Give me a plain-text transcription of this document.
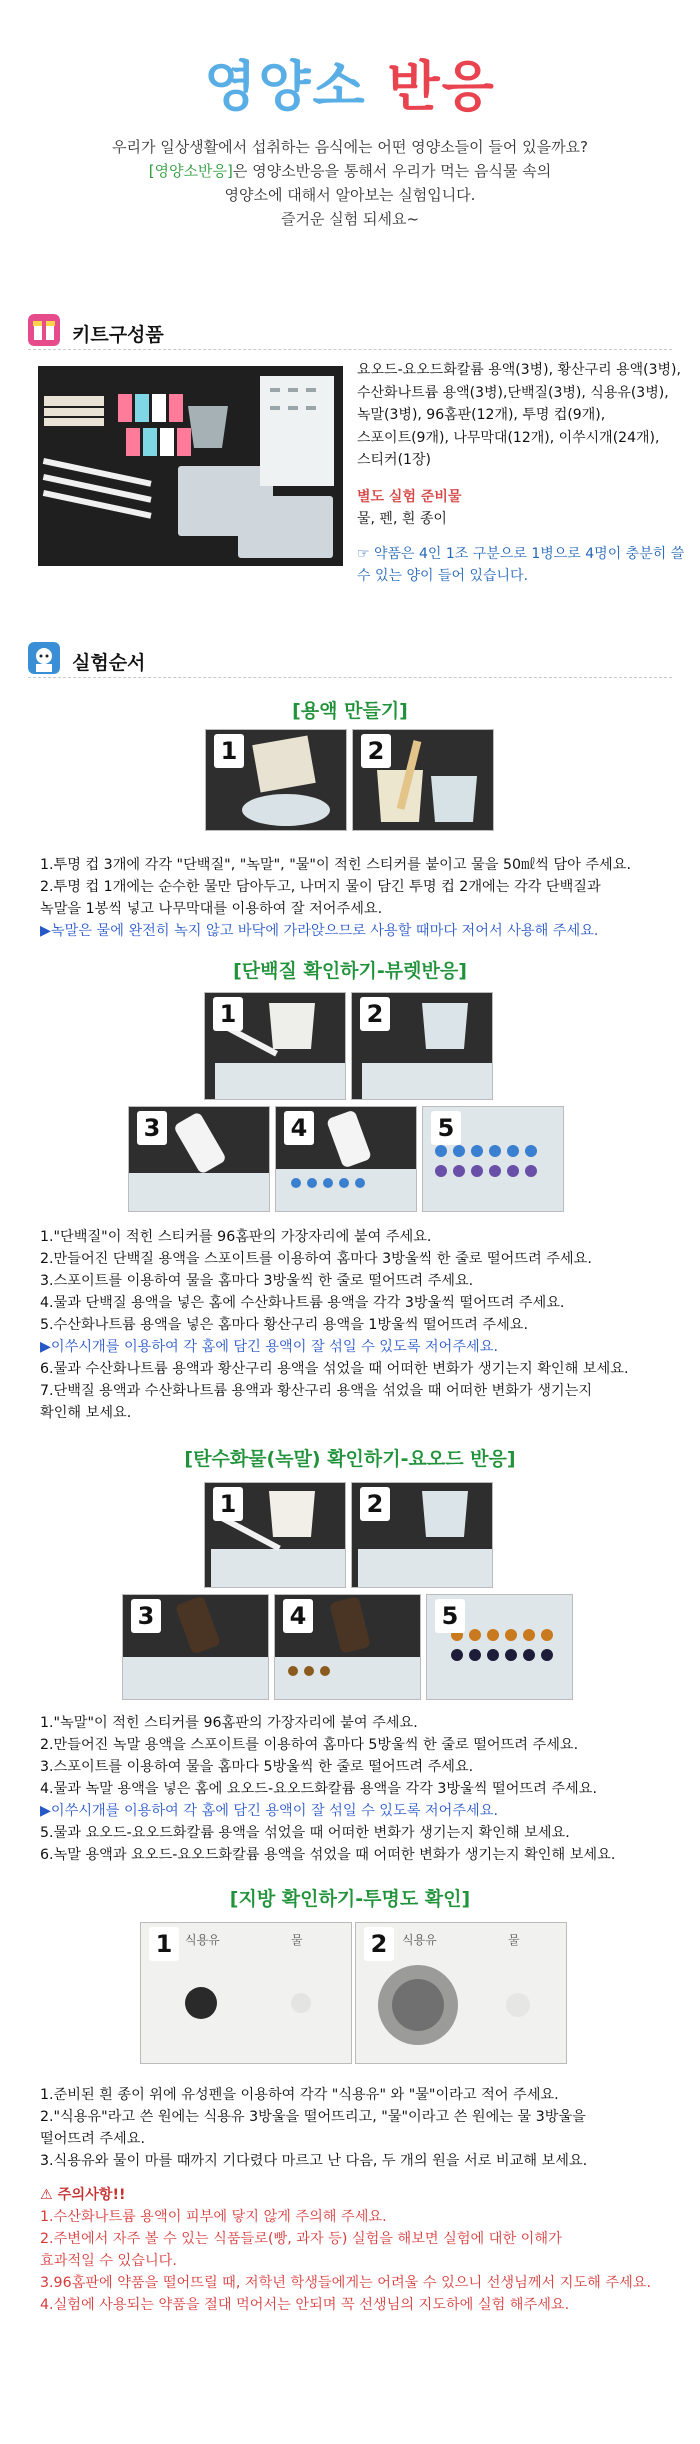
영양소 반응
우리가 일상생활에서 섭취하는 음식에는 어떤 영양소들이 들어 있을까요?
[영양소반응]은 영양소반응을 통해서 우리가 먹는 음식물 속의
영양소에 대해서 알아보는 실험입니다.
즐거운 실험 되세요~
키트구성품
요오드-요오드화칼륨 용액(3병), 황산구리 용액(3병),
수산화나트륨 용액(3병),단백질(3병), 식용유(3병),
녹말(3병), 96홈판(12개), 투명 컵(9개),
스포이트(9개), 나무막대(12개), 이쑤시개(24개),
스티커(1장)
별도 실험 준비물
물, 펜, 흰 종이
☞ 약품은 4인 1조 구분으로 1병으로 4명이 충분히 쓸 수 있는 양이 들어 있습니다.
실험순서
[용액 만들기]
1	2
1.투명 컵 3개에 각각 "단백질", "녹말", "물"이 적힌 스티커를 붙이고 물을 50㎖씩 담아 주세요.
2.투명 컵 1개에는 순수한 물만 담아두고, 나머지 물이 담긴 투명 컵 2개에는 각각 단백질과
녹말을 1봉씩 넣고 나무막대를 이용하여 잘 저어주세요.
▶녹말은 물에 완전히 녹지 않고 바닥에 가라앉으므로 사용할 때마다 저어서 사용해 주세요.
[단백질 확인하기-뷰렛반응]
1	2
3	4	5
1."단백질"이 적힌 스티커를 96홈판의 가장자리에 붙여 주세요.
2.만들어진 단백질 용액을 스포이트를 이용하여 홈마다 3방울씩 한 줄로 떨어뜨려 주세요.
3.스포이트를 이용하여 물을 홈마다 3방울씩 한 줄로 떨어뜨려 주세요.
4.물과 단백질 용액을 넣은 홈에 수산화나트륨 용액을 각각 3방울씩 떨어뜨려 주세요.
5.수산화나트륨 용액을 넣은 홈마다 황산구리 용액을 1방울씩 떨어뜨려 주세요.
▶이쑤시개를 이용하여 각 홈에 담긴 용액이 잘 섞일 수 있도록 저어주세요.
6.물과 수산화나트륨 용액과 황산구리 용액을 섞었을 때 어떠한 변화가 생기는지 확인해 보세요.
7.단백질 용액과 수산화나트륨 용액과 황산구리 용액을 섞었을 때 어떠한 변화가 생기는지
확인해 보세요.
[탄수화물(녹말) 확인하기-요오드 반응]
1	2
3	4	5
1."녹말"이 적힌 스티커를 96홈판의 가장자리에 붙여 주세요.
2.만들어진 녹말 용액을 스포이트를 이용하여 홈마다 5방울씩 한 줄로 떨어뜨려 주세요.
3.스포이트를 이용하여 물을 홈마다 5방울씩 한 줄로 떨어뜨려 주세요.
4.물과 녹말 용액을 넣은 홈에 요오드-요오드화칼륨 용액을 각각 3방울씩 떨어뜨려 주세요.
▶이쑤시개를 이용하여 각 홈에 담긴 용액이 잘 섞일 수 있도록 저어주세요.
5.물과 요오드-요오드화칼륨 용액을 섞었을 때 어떠한 변화가 생기는지 확인해 보세요.
6.녹말 용액과 요오드-요오드화칼륨 용액을 섞었을 때 어떠한 변화가 생기는지 확인해 보세요.
[지방 확인하기-투명도 확인]
1	식용유	물	2	식용유	물
1.준비된 흰 종이 위에 유성펜을 이용하여 각각 "식용유" 와 "물"이라고 적어 주세요.
2."식용유"라고 쓴 원에는 식용유 3방울을 떨어뜨리고, "물"이라고 쓴 원에는 물 3방울을
떨어뜨려 주세요.
3.식용유와 물이 마를 때까지 기다렸다 마르고 난 다음, 두 개의 원을 서로 비교해 보세요.
⚠ 주의사항!!
1.수산화나트륨 용액이 피부에 닿지 않게 주의해 주세요.
2.주변에서 자주 볼 수 있는 식품들로(빵, 과자 등) 실험을 해보면 실험에 대한 이해가
효과적일 수 있습니다.
3.96홈판에 약품을 떨어뜨릴 때, 저학년 학생들에게는 어려울 수 있으니 선생님께서 지도해 주세요.
4.실험에 사용되는 약품을 절대 먹어서는 안되며 꼭 선생님의 지도하에 실험 해주세요.
